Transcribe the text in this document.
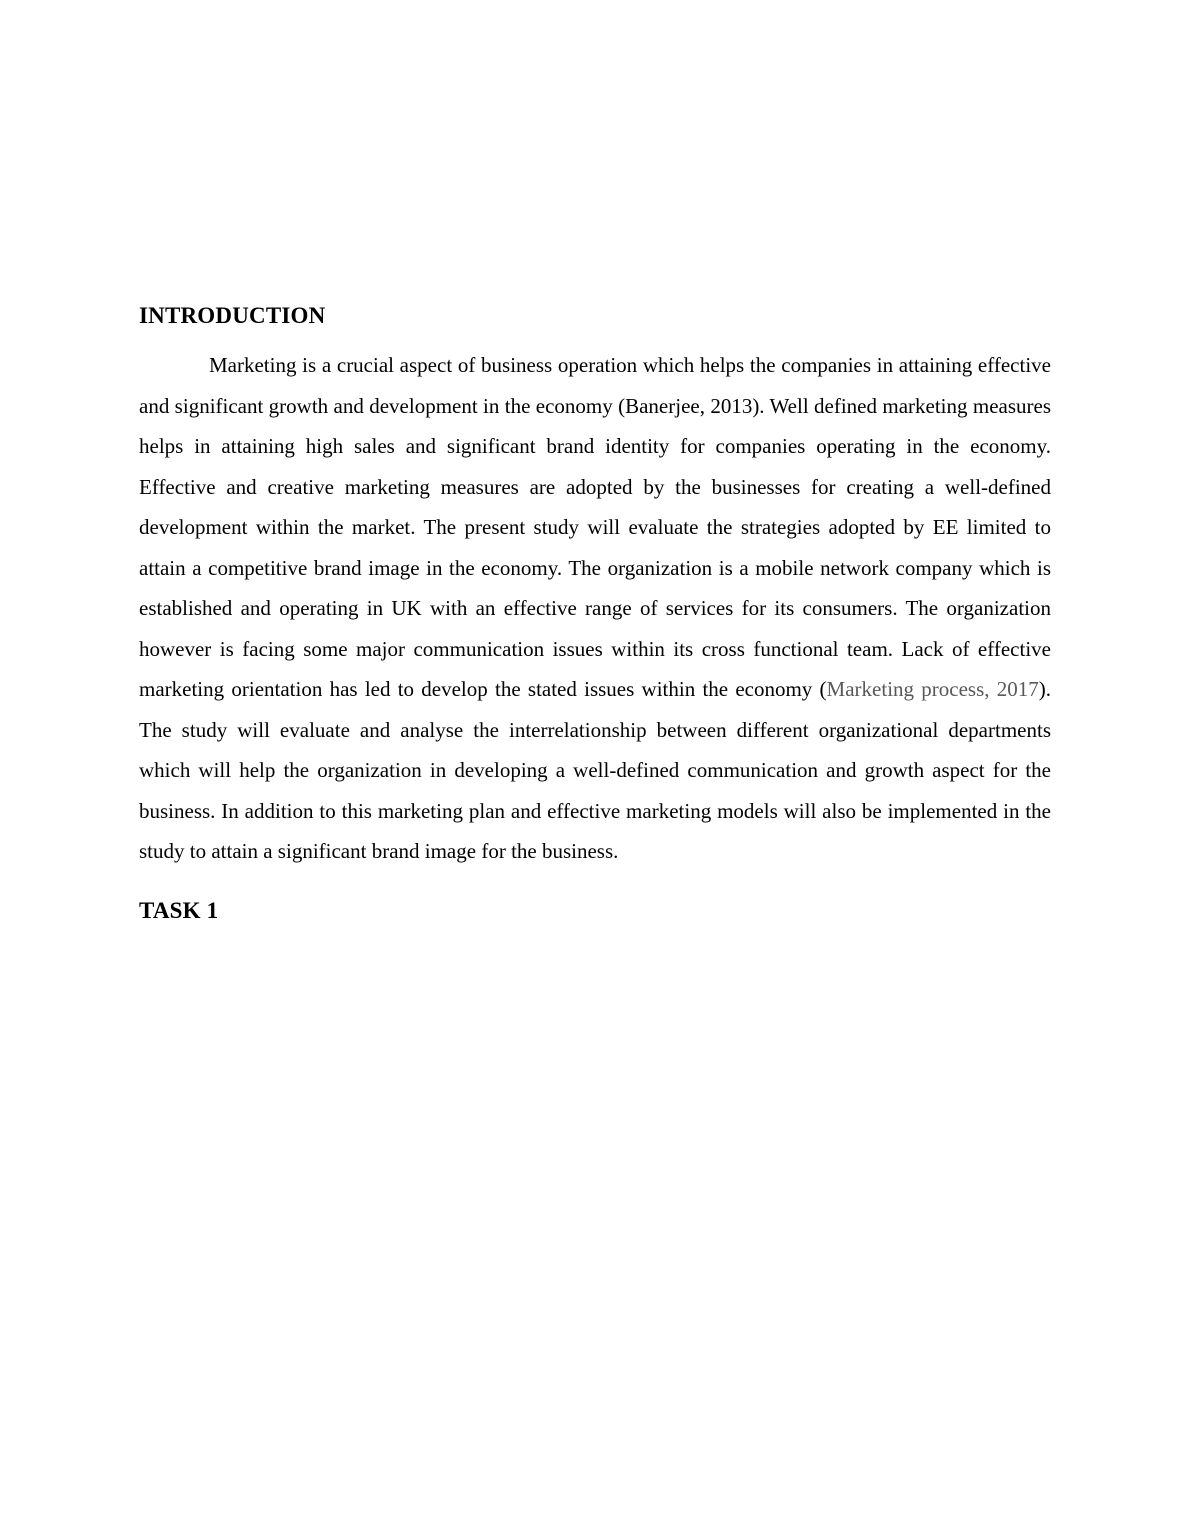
INTRODUCTION

Marketing is a crucial aspect of business operation which helps the companies in attaining effective and significant growth and development in the economy (Banerjee, 2013). Well defined marketing measures helps in attaining high sales and significant brand identity for companies operating in the economy. Effective and creative marketing measures are adopted by the businesses for creating a well-defined development within the market. The present study will evaluate the strategies adopted by EE limited to attain a competitive brand image in the economy. The organization is a mobile network company which is established and operating in UK with an effective range of services for its consumers. The organization however is facing some major communication issues within its cross functional team. Lack of effective marketing orientation has led to develop the stated issues within the economy (Marketing process, 2017). The study will evaluate and analyse the interrelationship between different organizational departments which will help the organization in developing a well-defined communication and growth aspect for the business. In addition to this marketing plan and effective marketing models will also be implemented in the study to attain a significant brand image for the business.

TASK 1
